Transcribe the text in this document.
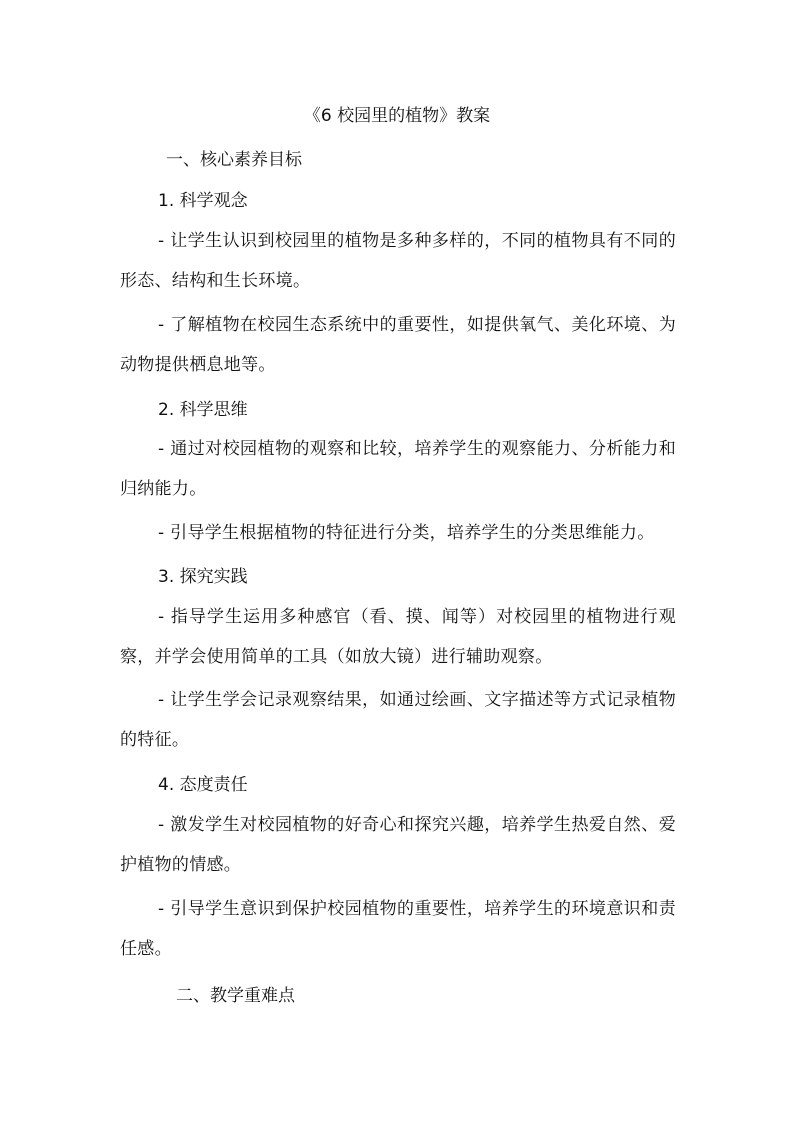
《6 校园里的植物》教案
一、核心素养目标
1. 科学观念

- 让学生认识到校园里的植物是多种多样的，不同的植物具有不同的形态、结构和生长环境。

- 了解植物在校园生态系统中的重要性，如提供氧气、美化环境、为动物提供栖息地等。

2. 科学思维

- 通过对校园植物的观察和比较，培养学生的观察能力、分析能力和归纳能力。

- 引导学生根据植物的特征进行分类，培养学生的分类思维能力。

3. 探究实践

- 指导学生运用多种感官（看、摸、闻等）对校园里的植物进行观察，并学会使用简单的工具（如放大镜）进行辅助观察。

- 让学生学会记录观察结果，如通过绘画、文字描述等方式记录植物的特征。

4. 态度责任

- 激发学生对校园植物的好奇心和探究兴趣，培养学生热爱自然、爱护植物的情感。

- 引导学生意识到保护校园植物的重要性，培养学生的环境意识和责任感。

二、教学重难点
